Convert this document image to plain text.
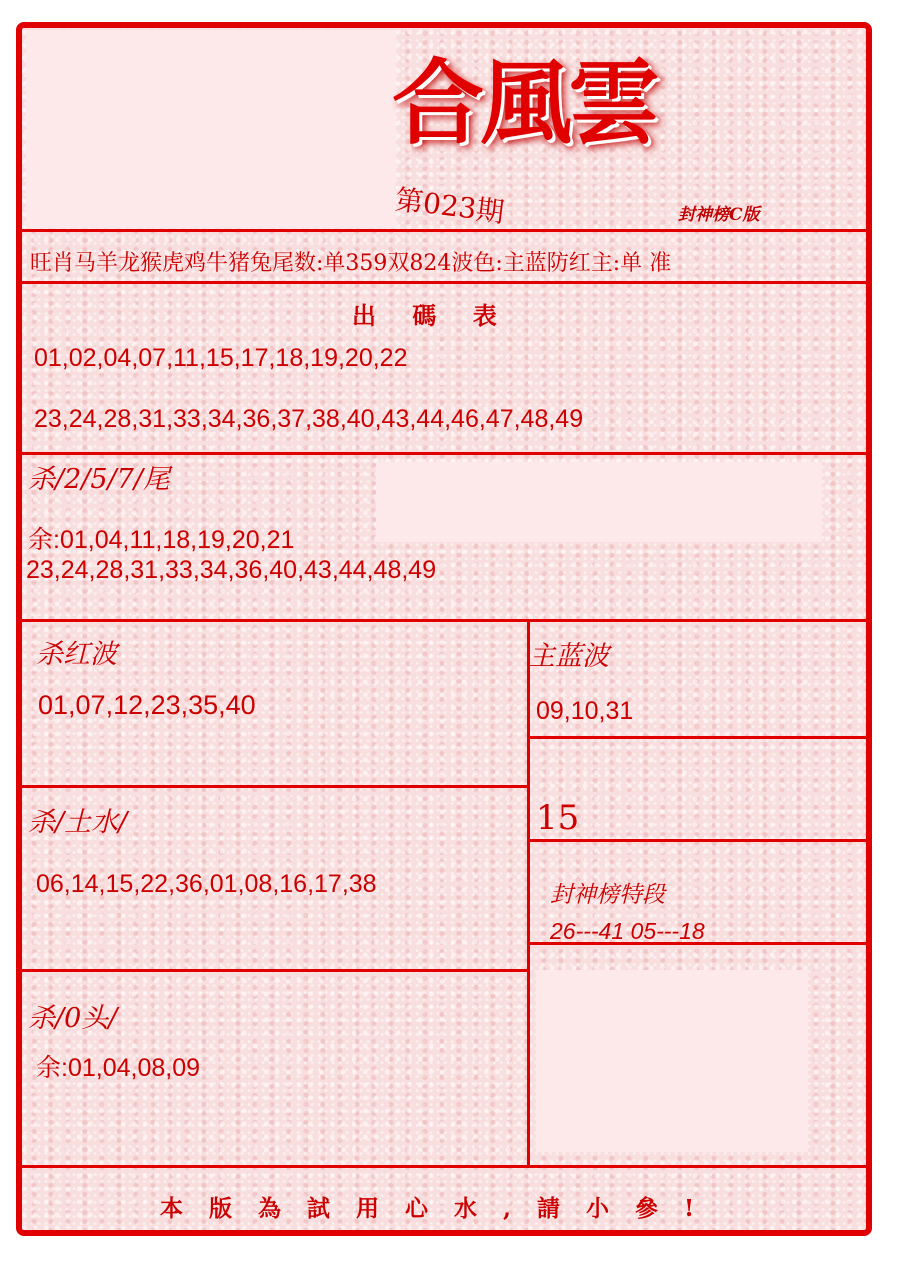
合風雲
第023期	封神榜C版
旺肖马羊龙猴虎鸡牛猪兔尾数:单359双824波色:主蓝防红主:单 准
出 碼 表
01,02,04,07,11,15,17,18,19,20,22
23,24,28,31,33,34,36,37,38,40,43,44,46,47,48,49
杀/2/5/7/尾
余:01,04,11,18,19,20,21
23,24,28,31,33,34,36,40,43,44,48,49
杀红波
01,07,12,23,35,40
主蓝波
09,10,31
15
杀/土水/
06,14,15,22,36,01,08,16,17,38	封神榜特段
26---41 05---18
杀/0头/
余:01,04,08,09
本版為試用心水,請小參!
